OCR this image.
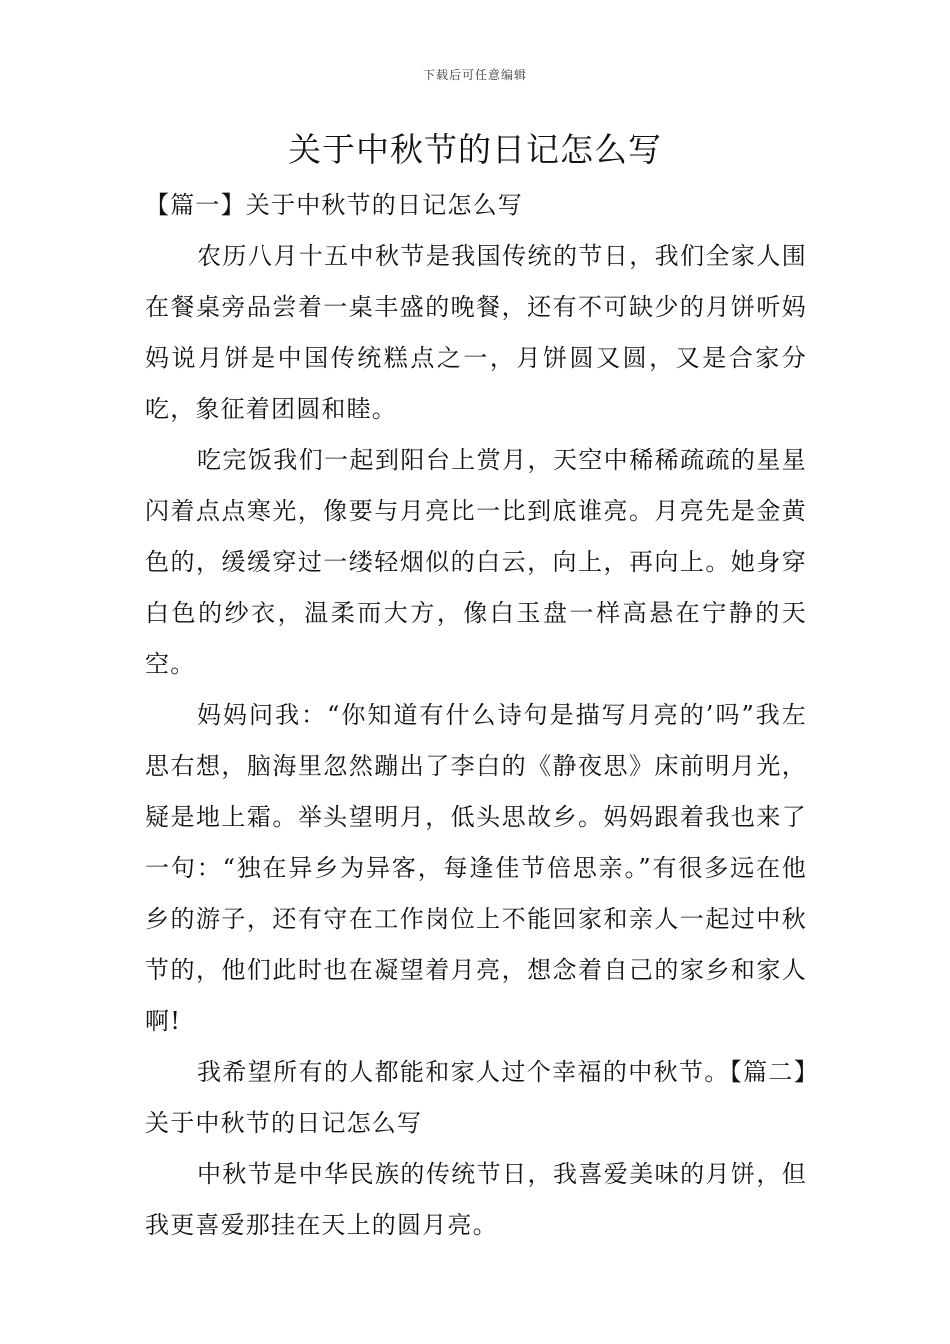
下载后可任意编辑
关于中秋节的日记怎么写

【篇一】关于中秋节的日记怎么写

农历八月十五中秋节是我国传统的节日，我们全家人围在餐桌旁品尝着一桌丰盛的晚餐，还有不可缺少的月饼听妈妈说月饼是中国传统糕点之一，月饼圆又圆，又是合家分吃，象征着团圆和睦。

吃完饭我们一起到阳台上赏月，天空中稀稀疏疏的星星闪着点点寒光，像要与月亮比一比到底谁亮。月亮先是金黄色的，缓缓穿过一缕轻烟似的白云，向上，再向上。她身穿白色的纱衣，温柔而大方，像白玉盘一样高悬在宁静的天空。

妈妈问我：“你知道有什么诗句是描写月亮的’吗”我左思右想，脑海里忽然蹦出了李白的《静夜思》床前明月光，疑是地上霜。举头望明月，低头思故乡。妈妈跟着我也来了一句：“独在异乡为异客，每逢佳节倍思亲。”有很多远在他乡的游子，还有守在工作岗位上不能回家和亲人一起过中秋节的，他们此时也在凝望着月亮，想念着自己的家乡和家人啊!

我希望所有的人都能和家人过个幸福的中秋节。【篇二】关于中秋节的日记怎么写

中秋节是中华民族的传统节日，我喜爱美味的月饼，但我更喜爱那挂在天上的圆月亮。
